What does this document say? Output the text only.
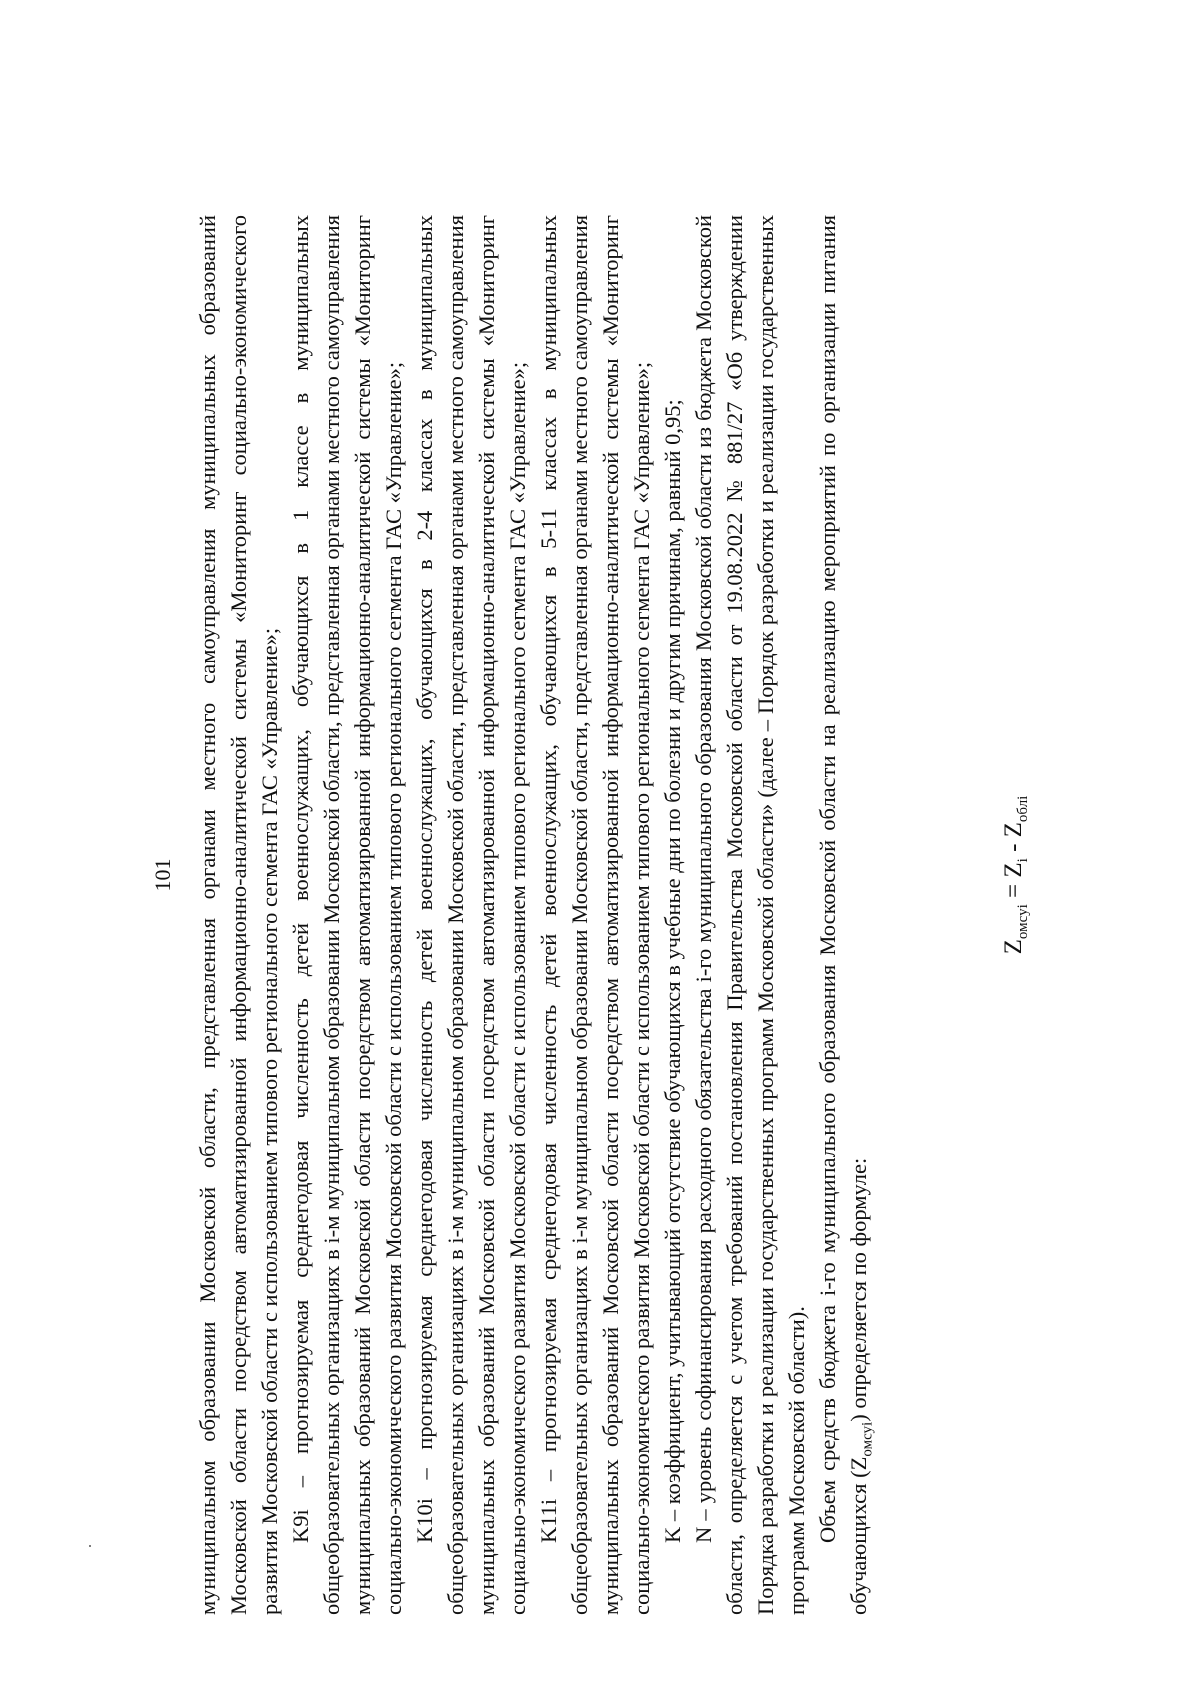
101 муниципальном образовании Московской области, представленная органами местного самоуправления муниципальных образований Московской области посредством автоматизированной информационно-аналитической системы «Мониторинг социально-экономического развития Московской области с использованием типового регионального сегмента ГАС «Управление»; K9i – прогнозируемая среднегодовая численность детей военнослужащих, обучающихся в 1 классе в муниципальных общеобразовательных организациях в i-м муниципальном образовании Московской области, представленная органами местного самоуправления муниципальных образований Московской области посредством автоматизированной информационно-аналитической системы «Мониторинг социально-экономического развития Московской области с использованием типового регионального сегмента ГАС «Управление»; K10i – прогнозируемая среднегодовая численность детей военнослужащих, обучающихся в 2-4 классах в муниципальных общеобразовательных организациях в i-м муниципальном образовании Московской области, представленная органами местного самоуправления муниципальных образований Московской области посредством автоматизированной информационно-аналитической системы «Мониторинг социально-экономического развития Московской области с использованием типового регионального сегмента ГАС «Управление»; K11i – прогнозируемая среднегодовая численность детей военнослужащих, обучающихся в 5-11 классах в муниципальных общеобразовательных организациях в i-м муниципальном образовании Московской области, представленная органами местного самоуправления муниципальных образований Московской области посредством автоматизированной информационно-аналитической системы «Мониторинг социально-экономического развития Московской области с использованием типового регионального сегмента ГАС «Управление»; K – коэффициент, учитывающий отсутствие обучающихся в учебные дни по болезни и другим причинам, равный 0,95; N – уровень софинансирования расходного обязательства i-го муниципального образования Московской области из бюджета Московской области, определяется с учетом требований постановления Правительства Московской области от 19.08.2022 № 881/27 «Об утверждении Порядка разработки и реализации государственных программ Московской области» (далее – Порядок разработки и реализации государственных программ Московской области). Объем средств бюджета i-го муниципального образования Московской области на реализацию мероприятий по организации питания обучающихся $(Z_{омсуi})$ определяется по формуле:

$Z_{омсуi} = Z_i - Z_{облi}$
